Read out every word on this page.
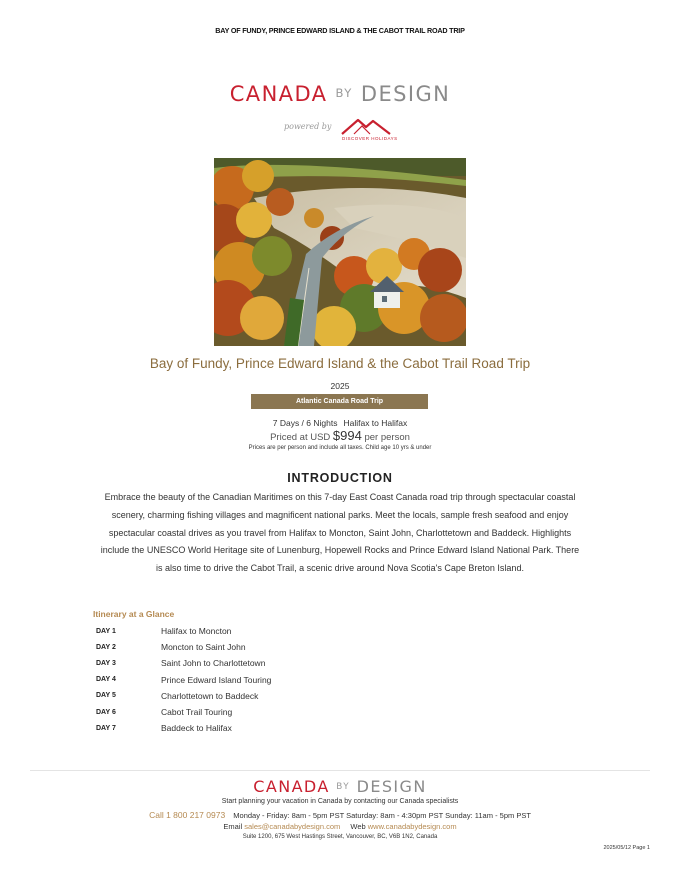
BAY OF FUNDY, PRINCE EDWARD ISLAND & THE CABOT TRAIL ROAD TRIP
CANADA BY DESIGN
powered by
DISCOVER HOLIDAYS
Bay of Fundy, Prince Edward Island & the Cabot Trail Road Trip
2025
Atlantic Canada Road Trip
7 Days / 6 Nights Halifax to Halifax
Priced at USD $994 per person
Prices are per person and include all taxes. Child age 10 yrs & under
INTRODUCTION
Embrace the beauty of the Canadian Maritimes on this 7-day East Coast Canada road trip through spectacular coastal scenery, charming fishing villages and magnificent national parks. Meet the locals, sample fresh seafood and enjoy spectacular coastal drives as you travel from Halifax to Moncton, Saint John, Charlottetown and Baddeck. Highlights include the UNESCO World Heritage site of Lunenburg, Hopewell Rocks and Prince Edward Island National Park. There is also time to drive the Cabot Trail, a scenic drive around Nova Scotia's Cape Breton Island.
Itinerary at a Glance
DAY 1	Halifax to Moncton
DAY 2	Moncton to Saint John
DAY 3	Saint John to Charlottetown
DAY 4	Prince Edward Island Touring
DAY 5	Charlottetown to Baddeck
DAY 6	Cabot Trail Touring
DAY 7	Baddeck to Halifax
CANADA BY DESIGN
Start planning your vacation in Canada by contacting our Canada specialists
Call 1 800 217 0973 Monday - Friday: 8am - 5pm PST Saturday: 8am - 4:30pm PST Sunday: 11am - 5pm PST
Email sales@canadabydesign.com Web www.canadabydesign.com
Suite 1200, 675 West Hastings Street, Vancouver, BC, V6B 1N2, Canada
2025/05/12 Page 1
